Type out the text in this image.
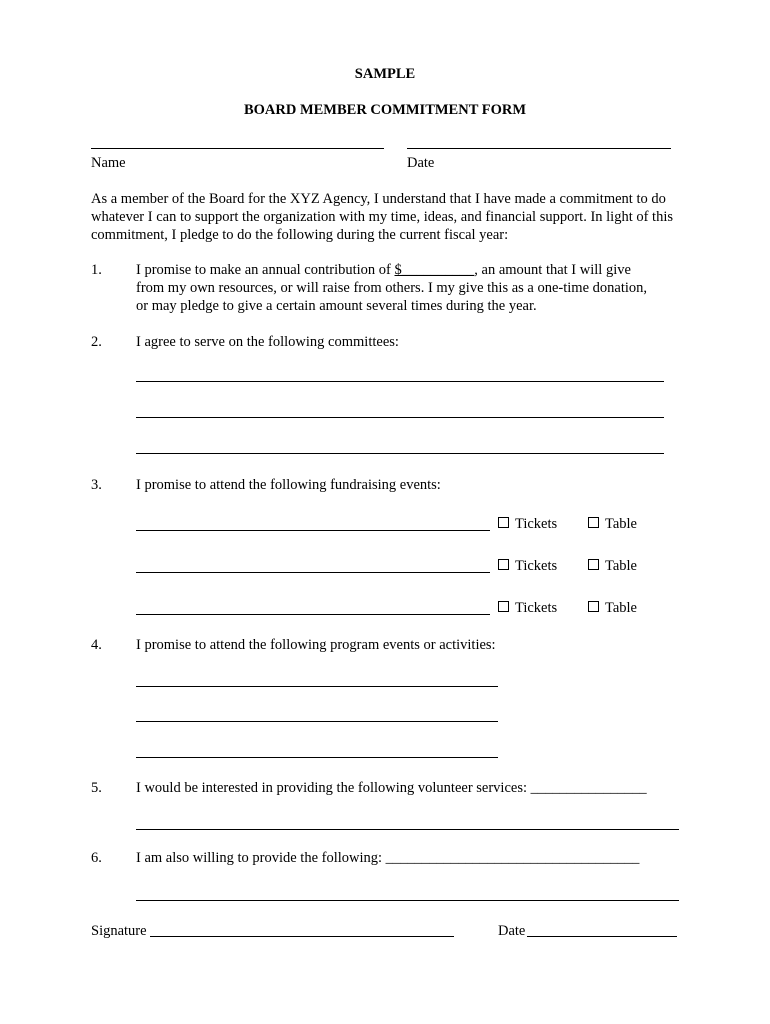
SAMPLE
BOARD MEMBER COMMITMENT FORM
Name	Date
As a member of the Board for the XYZ Agency, I understand that I have made a commitment to do whatever I can to support the organization with my time, ideas, and financial support. In light of this commitment, I pledge to do the following during the current fiscal year:
1. I promise to make an annual contribution of $__________, an amount that I will give
from my own resources, or will raise from others. I my give this as a one-time donation,
or may pledge to give a certain amount several times during the year.
2. I agree to serve on the following committees:
3. I promise to attend the following fundraising events:
Tickets	Table
Tickets	Table
Tickets	Table
4. I promise to attend the following program events or activities:
5. I would be interested in providing the following volunteer services: ________________
6. I am also willing to provide the following: ___________________________________
Signature	Date
